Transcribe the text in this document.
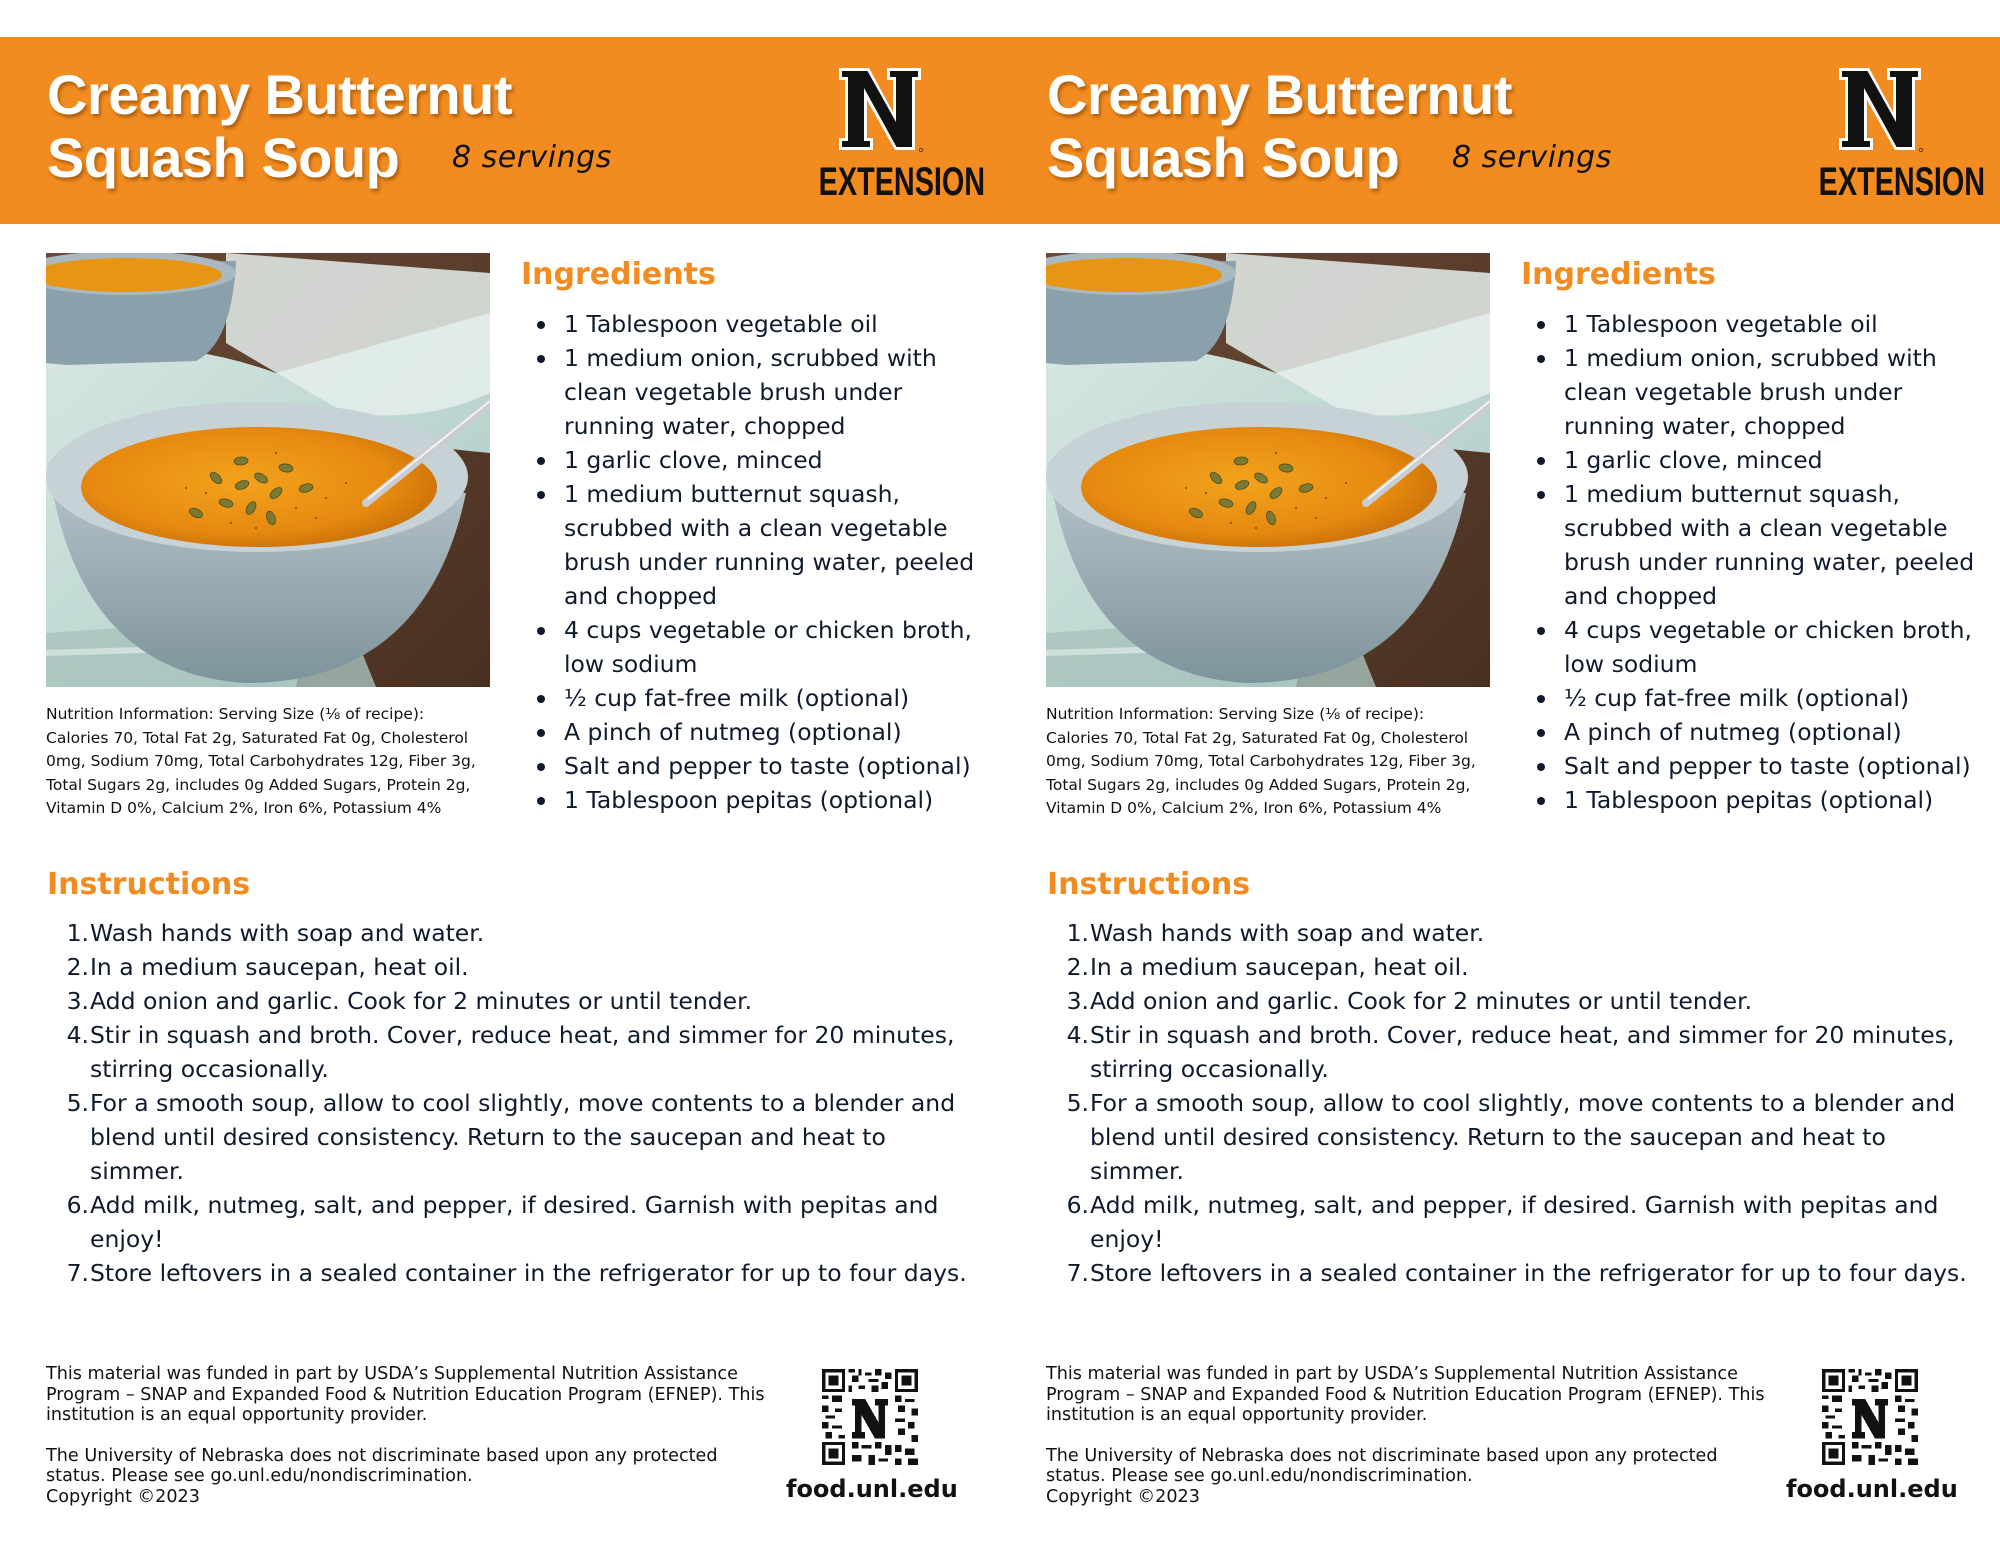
Creamy Butternut
Squash Soup	8 servings
EXTENSION
Nutrition Information: Serving Size (⅛ of recipe): Calories 70, Total Fat 2g, Saturated Fat 0g, Cholesterol 0mg, Sodium 70mg, Total Carbohydrates 12g, Fiber 3g, Total Sugars 2g, includes 0g Added Sugars, Protein 2g, Vitamin D 0%, Calcium 2%, Iron 6%, Potassium 4%
Ingredients
1 Tablespoon vegetable oil
1 medium onion, scrubbed with clean vegetable brush under running water, chopped
1 garlic clove, minced
1 medium butternut squash, scrubbed with a clean vegetable brush under running water, peeled and chopped
4 cups vegetable or chicken broth, low sodium
½ cup fat-free milk (optional)
A pinch of nutmeg (optional)
Salt and pepper to taste (optional)
1 Tablespoon pepitas (optional)
Instructions
1. Wash hands with soap and water.
2. In a medium saucepan, heat oil.
3. Add onion and garlic. Cook for 2 minutes or until tender.
4. Stir in squash and broth. Cover, reduce heat, and simmer for 20 minutes, stirring occasionally.
5. For a smooth soup, allow to cool slightly, move contents to a blender and blend until desired consistency. Return to the saucepan and heat to simmer.
6. Add milk, nutmeg, salt, and pepper, if desired. Garnish with pepitas and enjoy!
7. Store leftovers in a sealed container in the refrigerator for up to four days.

This material was funded in part by USDA’s Supplemental Nutrition Assistance Program – SNAP and Expanded Food & Nutrition Education Program (EFNEP). This institution is an equal opportunity provider.

The University of Nebraska does not discriminate based upon any protected status. Please see go.unl.edu/nondiscrimination.
Copyright ©2023	food.unl.edu
Creamy Butternut
Squash Soup	8 servings
EXTENSION
Nutrition Information: Serving Size (⅛ of recipe): Calories 70, Total Fat 2g, Saturated Fat 0g, Cholesterol 0mg, Sodium 70mg, Total Carbohydrates 12g, Fiber 3g, Total Sugars 2g, includes 0g Added Sugars, Protein 2g, Vitamin D 0%, Calcium 2%, Iron 6%, Potassium 4%
Ingredients
1 Tablespoon vegetable oil
1 medium onion, scrubbed with clean vegetable brush under running water, chopped
1 garlic clove, minced
1 medium butternut squash, scrubbed with a clean vegetable brush under running water, peeled and chopped
4 cups vegetable or chicken broth, low sodium
½ cup fat-free milk (optional)
A pinch of nutmeg (optional)
Salt and pepper to taste (optional)
1 Tablespoon pepitas (optional)
Instructions
1. Wash hands with soap and water.
2. In a medium saucepan, heat oil.
3. Add onion and garlic. Cook for 2 minutes or until tender.
4. Stir in squash and broth. Cover, reduce heat, and simmer for 20 minutes, stirring occasionally.
5. For a smooth soup, allow to cool slightly, move contents to a blender and blend until desired consistency. Return to the saucepan and heat to simmer.
6. Add milk, nutmeg, salt, and pepper, if desired. Garnish with pepitas and enjoy!
7. Store leftovers in a sealed container in the refrigerator for up to four days.

This material was funded in part by USDA’s Supplemental Nutrition Assistance Program – SNAP and Expanded Food & Nutrition Education Program (EFNEP). This institution is an equal opportunity provider.

The University of Nebraska does not discriminate based upon any protected status. Please see go.unl.edu/nondiscrimination.
Copyright ©2023	food.unl.edu
